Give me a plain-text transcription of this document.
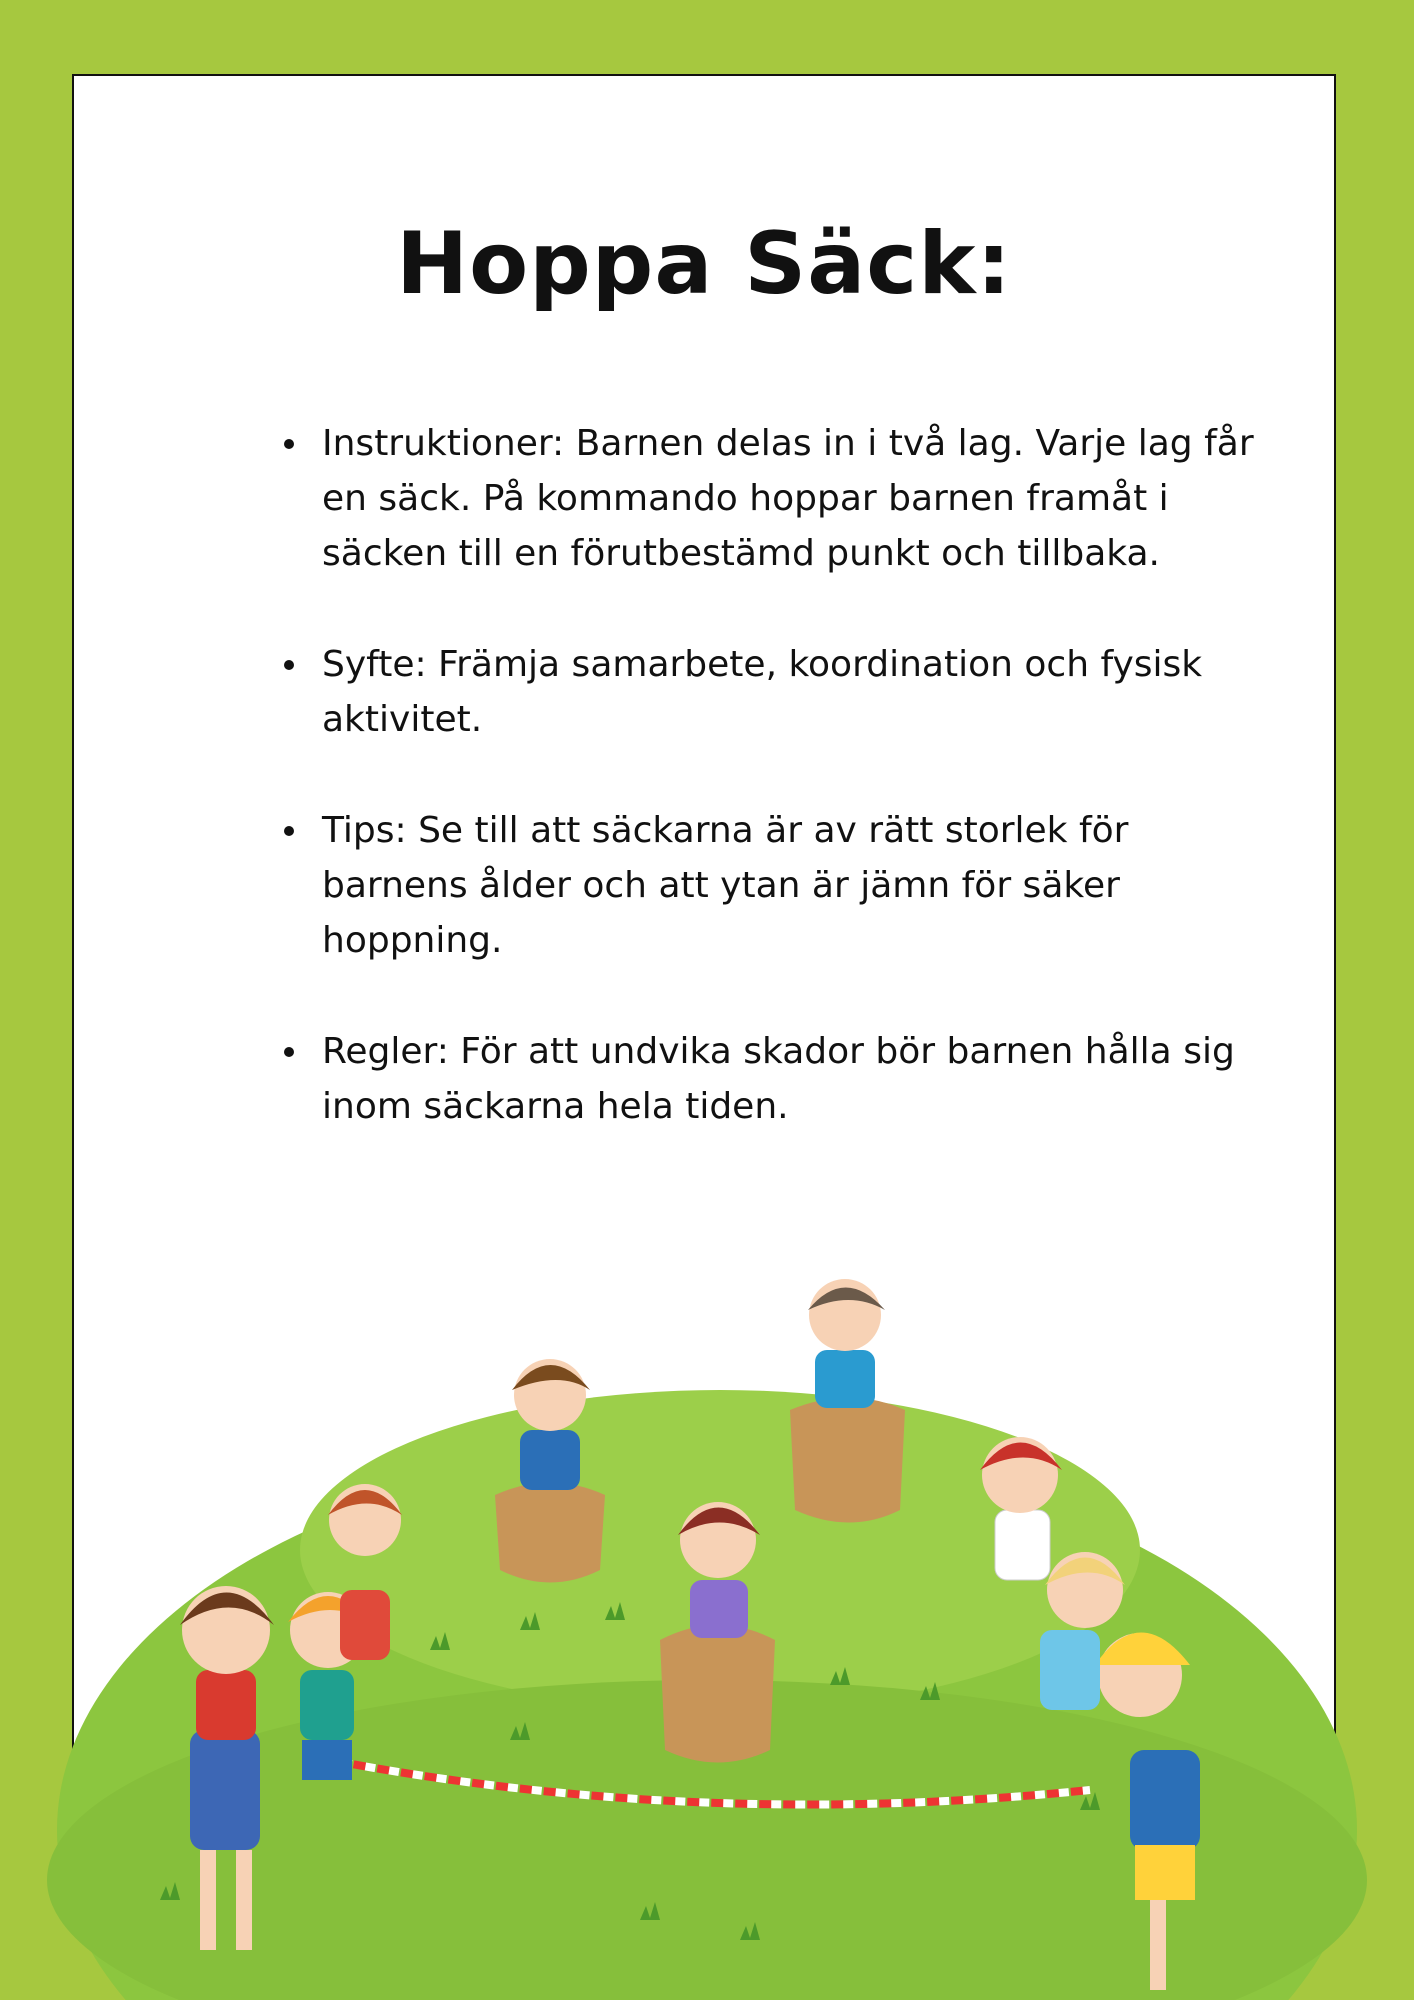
Hoppa Säck:
Instruktioner: Barnen delas in i två lag. Varje lag får en säck. På kommando hoppar barnen framåt i säcken till en förutbestämd punkt och tillbaka.
Syfte: Främja samarbete, koordination och fysisk aktivitet.
Tips: Se till att säckarna är av rätt storlek för barnens ålder och att ytan är jämn för säker hoppning.
Regler: För att undvika skador bör barnen hålla sig inom säckarna hela tiden.
